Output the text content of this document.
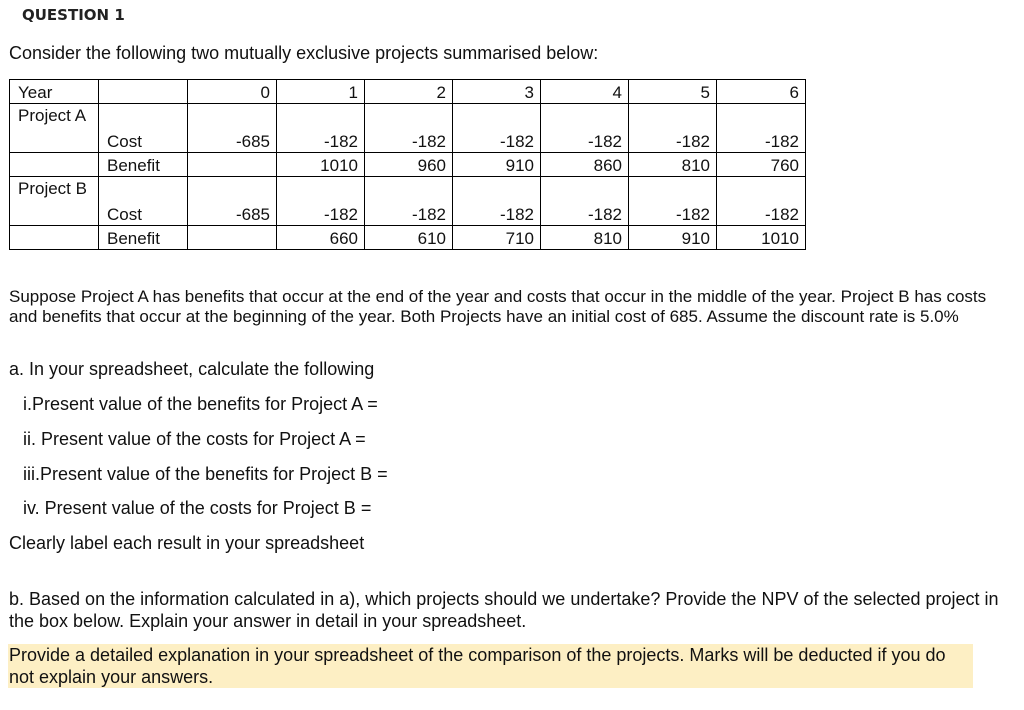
QUESTION 1
Consider the following two mutually exclusive projects summarised below:
Year		0	1	2	3	4	5	6
Project A	Cost	-685	-182	-182	-182	-182	-182	-182
	Benefit		1010	960	910	860	810	760
Project B	Cost	-685	-182	-182	-182	-182	-182	-182
	Benefit		660	610	710	810	910	1010
Suppose Project A has benefits that occur at the end of the year and costs that occur in the middle of the year. Project B has costs and benefits that occur at the beginning of the year. Both Projects have an initial cost of 685. Assume the discount rate is 5.0%
a. In your spreadsheet, calculate the following
i.Present value of the benefits for Project A =
ii. Present value of the costs for Project A =
iii.Present value of the benefits for Project B =
iv. Present value of the costs for Project B =
Clearly label each result in your spreadsheet
b. Based on the information calculated in a), which projects should we undertake? Provide the NPV of the selected project in the box below. Explain your answer in detail in your spreadsheet.
Provide a detailed explanation in your spreadsheet of the comparison of the projects. Marks will be deducted if you do not explain your answers.
